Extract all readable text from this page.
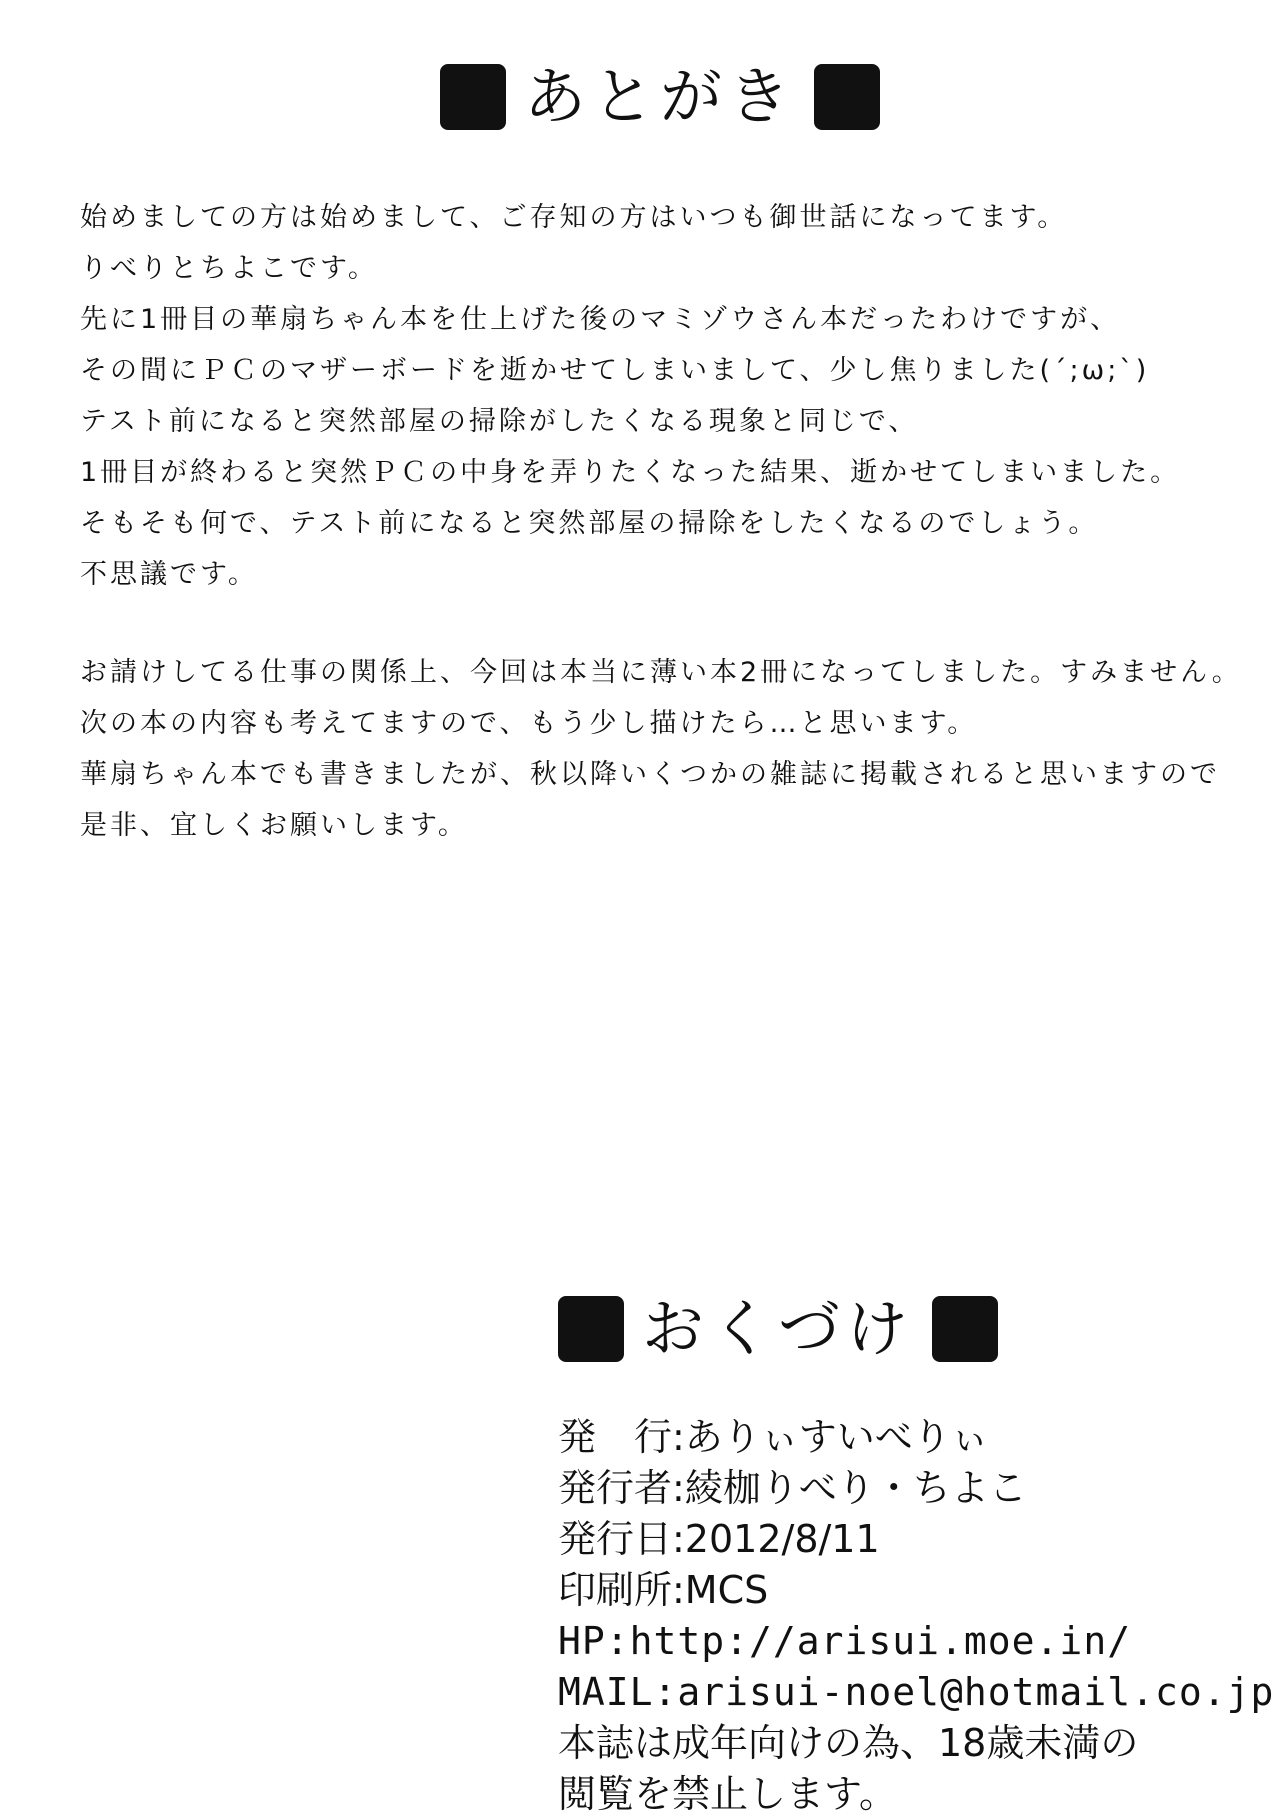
あとがき
始めましての方は始めまして、ご存知の方はいつも御世話になってます。
りべりとちよこです。
先に1冊目の華扇ちゃん本を仕上げた後のマミゾウさん本だったわけですが、
その間にＰＣのマザーボードを逝かせてしまいまして、少し焦りました(´;ω;`)
テスト前になると突然部屋の掃除がしたくなる現象と同じで、
1冊目が終わると突然ＰＣの中身を弄りたくなった結果、逝かせてしまいました。
そもそも何で、テスト前になると突然部屋の掃除をしたくなるのでしょう。
不思議です。
お請けしてる仕事の関係上、今回は本当に薄い本2冊になってしました。すみません。
次の本の内容も考えてますので、もう少し描けたら…と思います。
華扇ちゃん本でも書きましたが、秋以降いくつかの雑誌に掲載されると思いますので
是非、宜しくお願いします。
おくづけ
発　行:ありぃすいべりぃ
発行者:綾枷りべり・ちよこ
発行日:2012/8/11
印刷所:MCS
HP:http://arisui.moe.in/
MAIL:arisui-noel@hotmail.co.jp
本誌は成年向けの為、18歳未満の
閲覧を禁止します。
